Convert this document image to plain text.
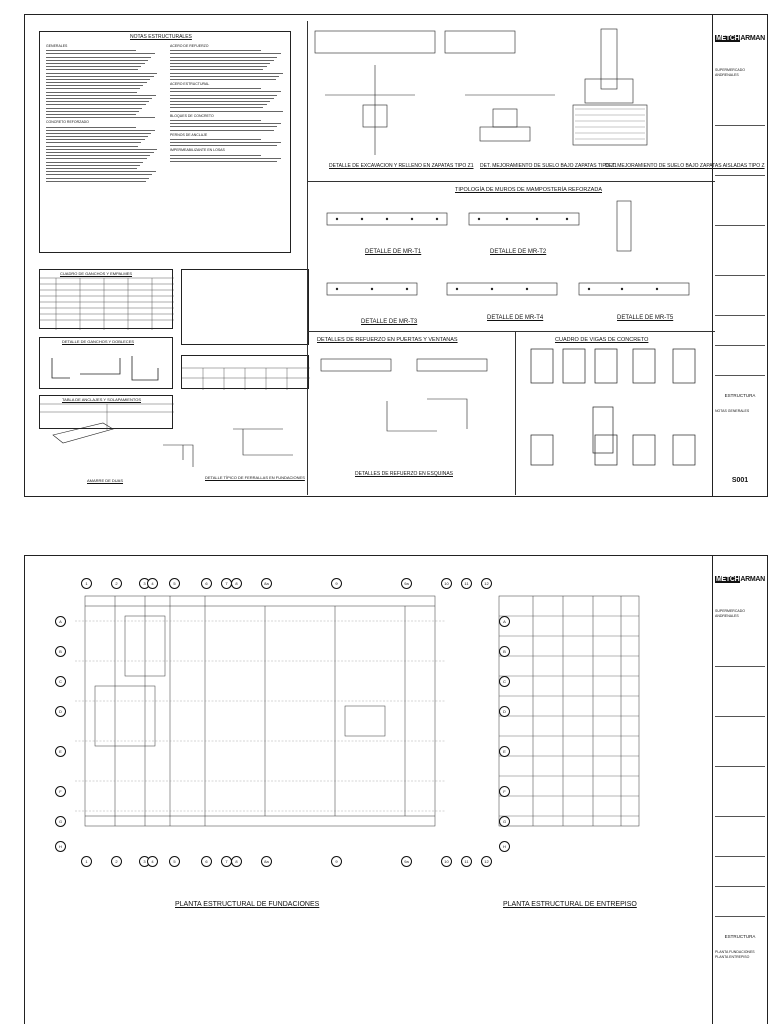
NOTAS ESTRUCTURALES
GENERALES
CONCRETO REFORZADO
ACERO DE REFUERZO
ACERO ESTRUCTURAL
BLOQUES DE CONCRETO
PERNOS DE ANCLAJE
IMPERMEABILIZANTE EN LOSAS
CUADRO DE GANCHOS Y EMPALMES
DETALLE DE GANCHOS Y DOBLECES
TABLA DE ANCLAJES Y SOLAPAMIENTOS
AMARRE DE DUAS
DETALLE TÍPICO DE FERRALLAS EN FUNDACIONES
DETALLE DE EXCAVACION Y RELLENO EN ZAPATAS TIPO Z1 DET. MEJORAMIENTO DE SUELO BAJO ZAPATAS TIPO Z1
DET. MEJORAMIENTO DE SUELO BAJO ZAPATAS AISLADAS TIPO Z
TIPOLOGÍA DE MUROS DE MAMPOSTERÍA REFORZADA
DETALLE DE MR-T1	DETALLE DE MR-T2
DETALLE DE MR-T3
DETALLE DE MR-T4	DETALLE DE MR-T5
DETALLES DE REFUERZO EN PUERTAS Y VENTANAS	CUADRO DE VIGAS DE CONCRETO
DETALLES DE REFUERZO EN ESQUINAS
METCHARMAN
SUPERMERCADO ANDRENALES
ESTRUCTURA
NOTAS GENERALES
S001
PLANTA ESTRUCTURAL DE FUNDACIONES	PLANTA ESTRUCTURAL DE ENTREPISO
1
1
2
2
3
3
4
4
5
5
6
6
7
7
8
8
8a
8a
9
9
9a
9a
10
10
11
11
12
12
A	A
B	B
C	C
D	D
E	E
F	F
G	G
H	H
METCHARMAN
SUPERMERCADO ANDRENALES
ESTRUCTURA
PLANTA FUNDACIONES PLANTA ENTREPISO
